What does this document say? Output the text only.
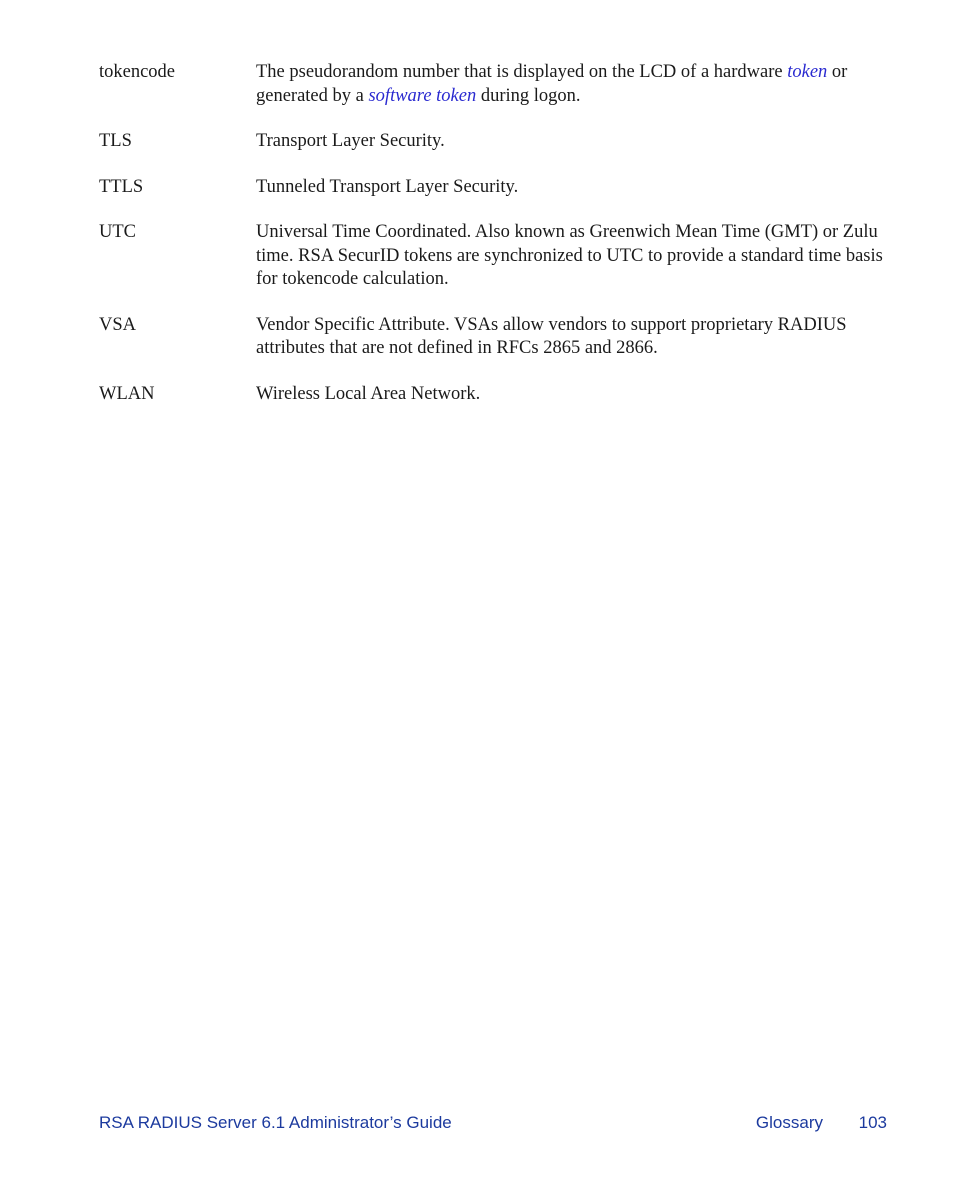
tokencode	The pseudorandom number that is displayed on the LCD of a hardware token or generated by a software token during logon.
TLS	Transport Layer Security.
TTLS	Tunneled Transport Layer Security.
UTC	Universal Time Coordinated. Also known as Greenwich Mean Time (GMT) or Zulu time. RSA SecurID tokens are synchronized to UTC to provide a standard time basis for tokencode calculation.
VSA	Vendor Specific Attribute. VSAs allow vendors to support proprietary RADIUS attributes that are not defined in RFCs 2865 and 2866.
WLAN	Wireless Local Area Network.
RSA RADIUS Server 6.1 Administrator’s Guide	Glossary 103
